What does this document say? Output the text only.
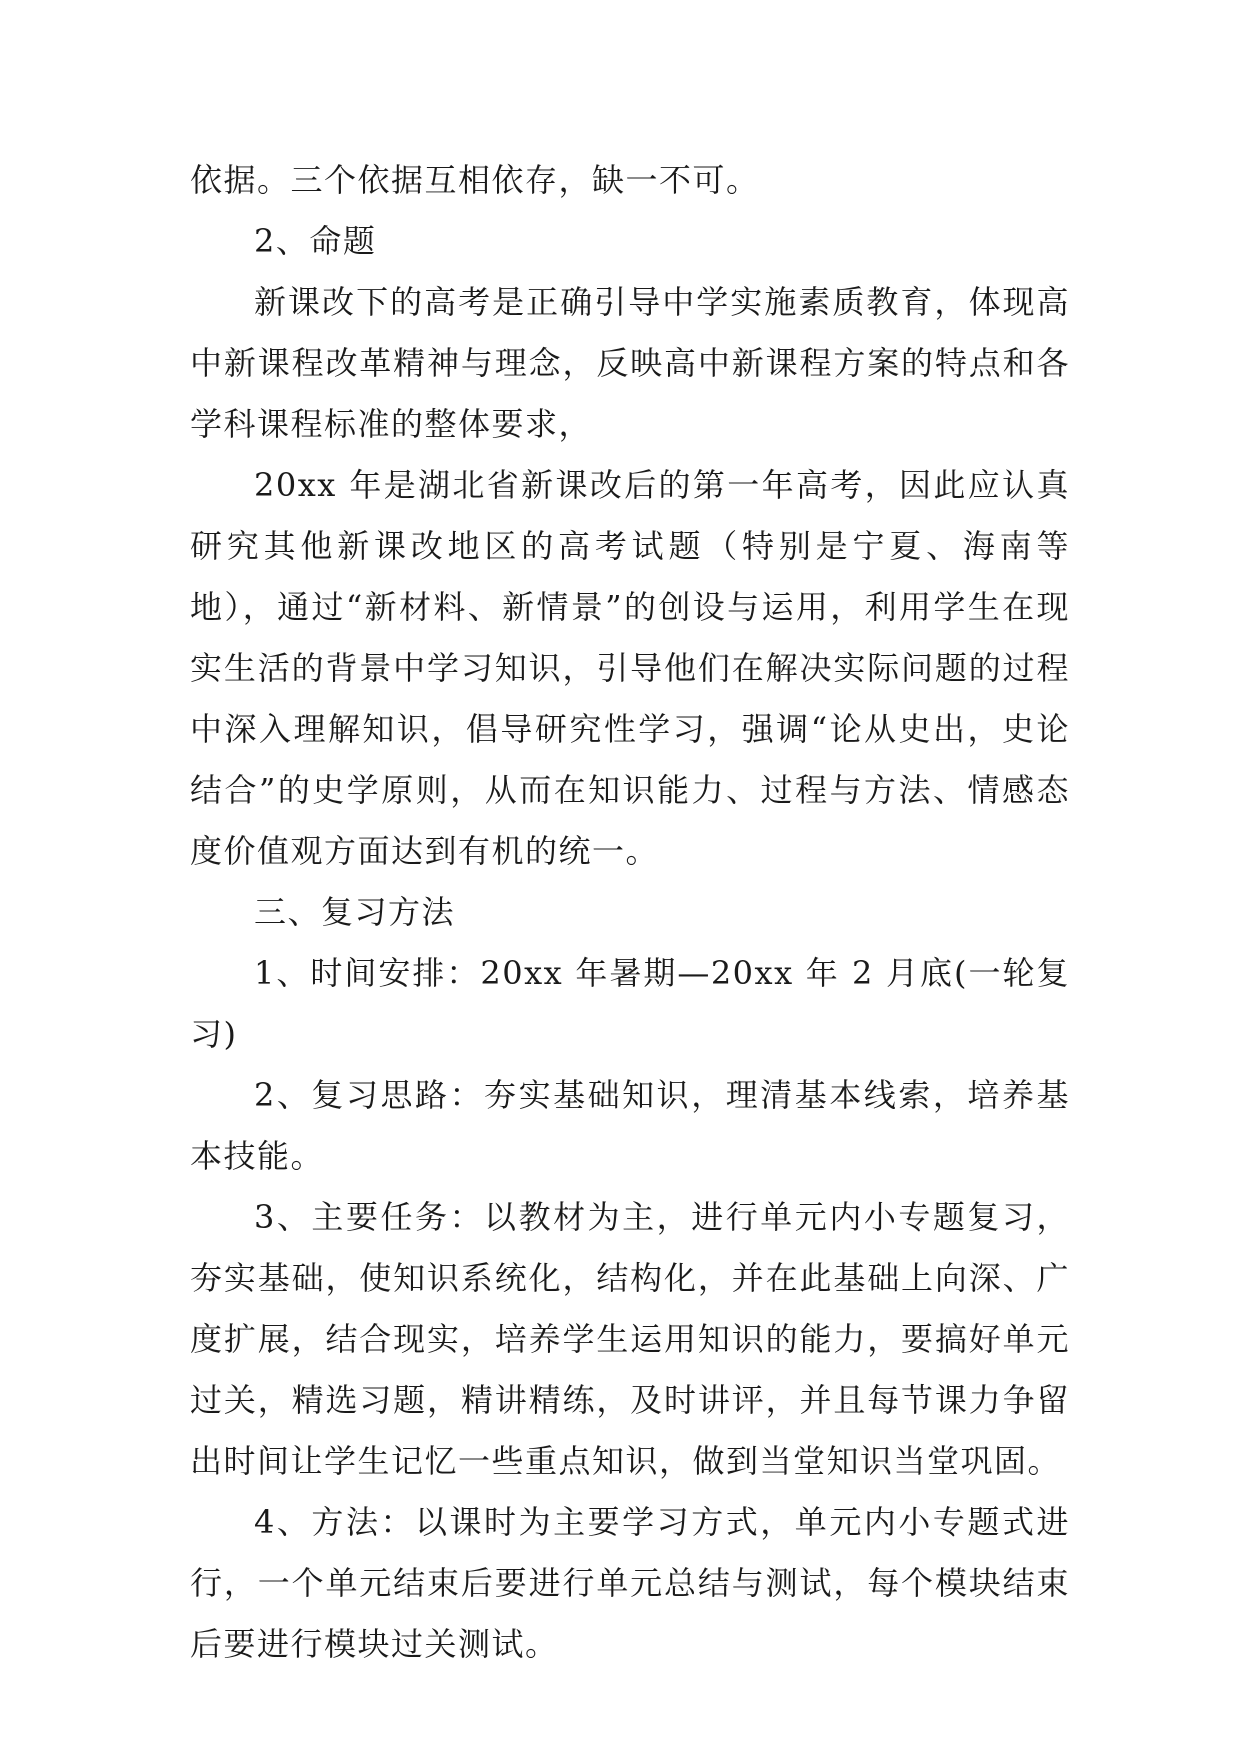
依据。三个依据互相依存，缺一不可。

2、命题

新课改下的高考是正确引导中学实施素质教育，体现高中新课程改革精神与理念，反映高中新课程方案的特点和各学科课程标准的整体要求，

20xx 年是湖北省新课改后的第一年高考，因此应认真研究其他新课改地区的高考试题（特别是宁夏、海南等地），通过“新材料、新情景”的创设与运用，利用学生在现实生活的背景中学习知识，引导他们在解决实际问题的过程中深入理解知识，倡导研究性学习，强调“论从史出，史论结合”的史学原则，从而在知识能力、过程与方法、情感态度价值观方面达到有机的统一。

三、复习方法

1、时间安排：20xx 年暑期—20xx 年 2 月底(一轮复习)

2、复习思路：夯实基础知识，理清基本线索，培养基本技能。

3、主要任务：以教材为主，进行单元内小专题复习，夯实基础，使知识系统化，结构化，并在此基础上向深、广度扩展，结合现实，培养学生运用知识的能力，要搞好单元过关，精选习题，精讲精练，及时讲评，并且每节课力争留出时间让学生记忆一些重点知识，做到当堂知识当堂巩固。

4、方法：以课时为主要学习方式，单元内小专题式进行，一个单元结束后要进行单元总结与测试，每个模块结束后要进行模块过关测试。
